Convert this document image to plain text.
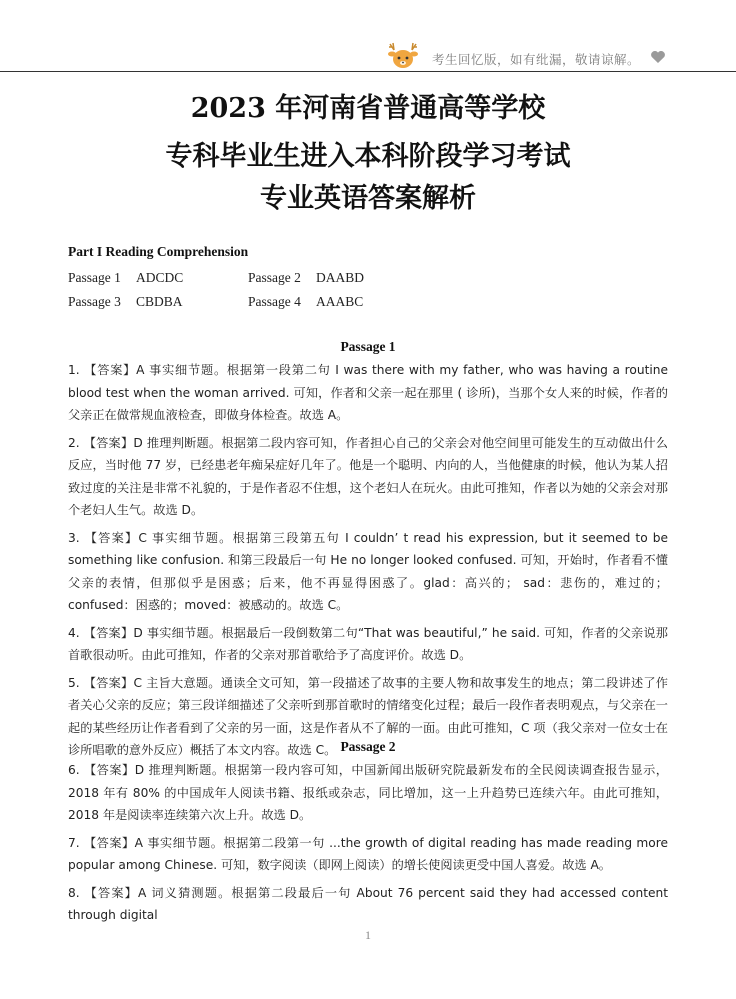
考生回忆版，如有纰漏，敬请谅解。
2023 年河南省普通高等学校
专科毕业生进入本科阶段学习考试
专业英语答案解析
Part I Reading Comprehension
Passage 1	ADCDC	Passage 2	DAABD
Passage 3	CBDBA	Passage 4	AAABC
Passage 1

1. 【答案】A 事实细节题。根据第一段第二句 I was there with my father, who was having a routine blood test when the woman arrived. 可知，作者和父亲一起在那里 ( 诊所)，当那个女人来的时候，作者的父亲正在做常规血液检查，即做身体检查。故选 A。

2. 【答案】D 推理判断题。根据第二段内容可知，作者担心自己的父亲会对他空间里可能发生的互动做出什么反应，当时他 77 岁，已经患老年痴呆症好几年了。他是一个聪明、内向的人，当他健康的时候，他认为某人招致过度的关注是非常不礼貌的，于是作者忍不住想，这个老妇人在玩火。由此可推知，作者以为她的父亲会对那个老妇人生气。故选 D。

3. 【答案】C 事实细节题。根据第三段第五句 I couldn’ t read his expression, but it seemed to be something like confusion. 和第三段最后一句 He no longer looked confused. 可知，开始时，作者看不懂父亲的表情，但那似乎是困惑；后来，他不再显得困惑了。glad：高兴的； sad：悲伤的，难过的；confused：困惑的；moved：被感动的。故选 C。

4. 【答案】D 事实细节题。根据最后一段倒数第二句“That was beautiful,” he said. 可知，作者的父亲说那首歌很动听。由此可推知，作者的父亲对那首歌给予了高度评价。故选 D。

5. 【答案】C 主旨大意题。通读全文可知，第一段描述了故事的主要人物和故事发生的地点；第二段讲述了作者关心父亲的反应；第三段详细描述了父亲听到那首歌时的情绪变化过程；最后一段作者表明观点，与父亲在一起的某些经历让作者看到了父亲的另一面，这是作者从不了解的一面。由此可推知，C 项（我父亲对一位女士在诊所唱歌的意外反应）概括了本文内容。故选 C。 Passage 2

6. 【答案】D 推理判断题。根据第一段内容可知，中国新闻出版研究院最新发布的全民阅读调查报告显示，2018 年有 80% 的中国成年人阅读书籍、报纸或杂志，同比增加，这一上升趋势已连续六年。由此可推知，2018 年是阅读率连续第六次上升。故选 D。

7. 【答案】A 事实细节题。根据第二段第一句 ...the growth of digital reading has made reading more popular among Chinese. 可知，数字阅读（即网上阅读）的增长使阅读更受中国人喜爱。故选 A。

8. 【答案】A 词义猜测题。根据第二段最后一句 About 76 percent said they had accessed content through digital

1
